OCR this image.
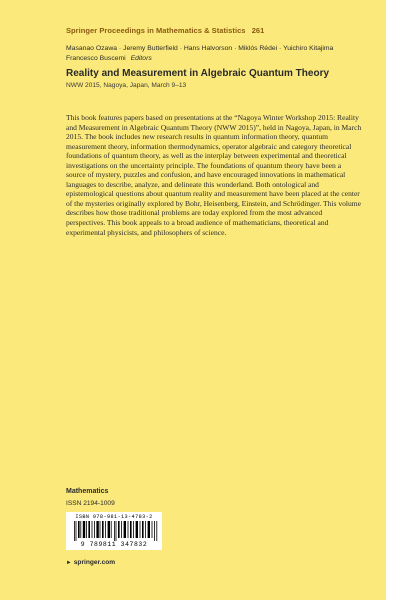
Springer Proceedings in Mathematics & Statistics 261
Masanao Ozawa · Jeremy Butterfield · Hans Halvorson · Miklós Rédei · Yuichiro Kitajima
Francesco Buscemi Editors
Reality and Measurement in Algebraic Quantum Theory
NWW 2015, Nagoya, Japan, March 9–13

This book features papers based on presentations at the “Nagoya Winter Workshop 2015: Reality and Measurement in Algebraic Quantum Theory (NWW 2015)”, held in Nagoya, Japan, in March 2015. The book includes new research results in quantum information theory, quantum measurement theory, information thermodynamics, operator algebraic and category theoretical foundations of quantum theory, as well as the interplay between experimental and theoretical investigations on the uncertainty principle. The foundations of quantum theory have been a source of mystery, puzzles and confusion, and have encouraged innovations in mathematical languages to describe, analyze, and delineate this wonderland. Both ontological and epistemological questions about quantum reality and measurement have been placed at the center of the mysteries originally explored by Bohr, Heisenberg, Einstein, and Schrödinger. This volume describes how those traditional problems are today explored from the most advanced perspectives. This book appeals to a broad audience of mathematicians, theoretical and experimental physicists, and philosophers of science.

Mathematics
ISSN 2194-1009
ISBN 978-981-13-4783-2
9 789811 347832
► springer.com
